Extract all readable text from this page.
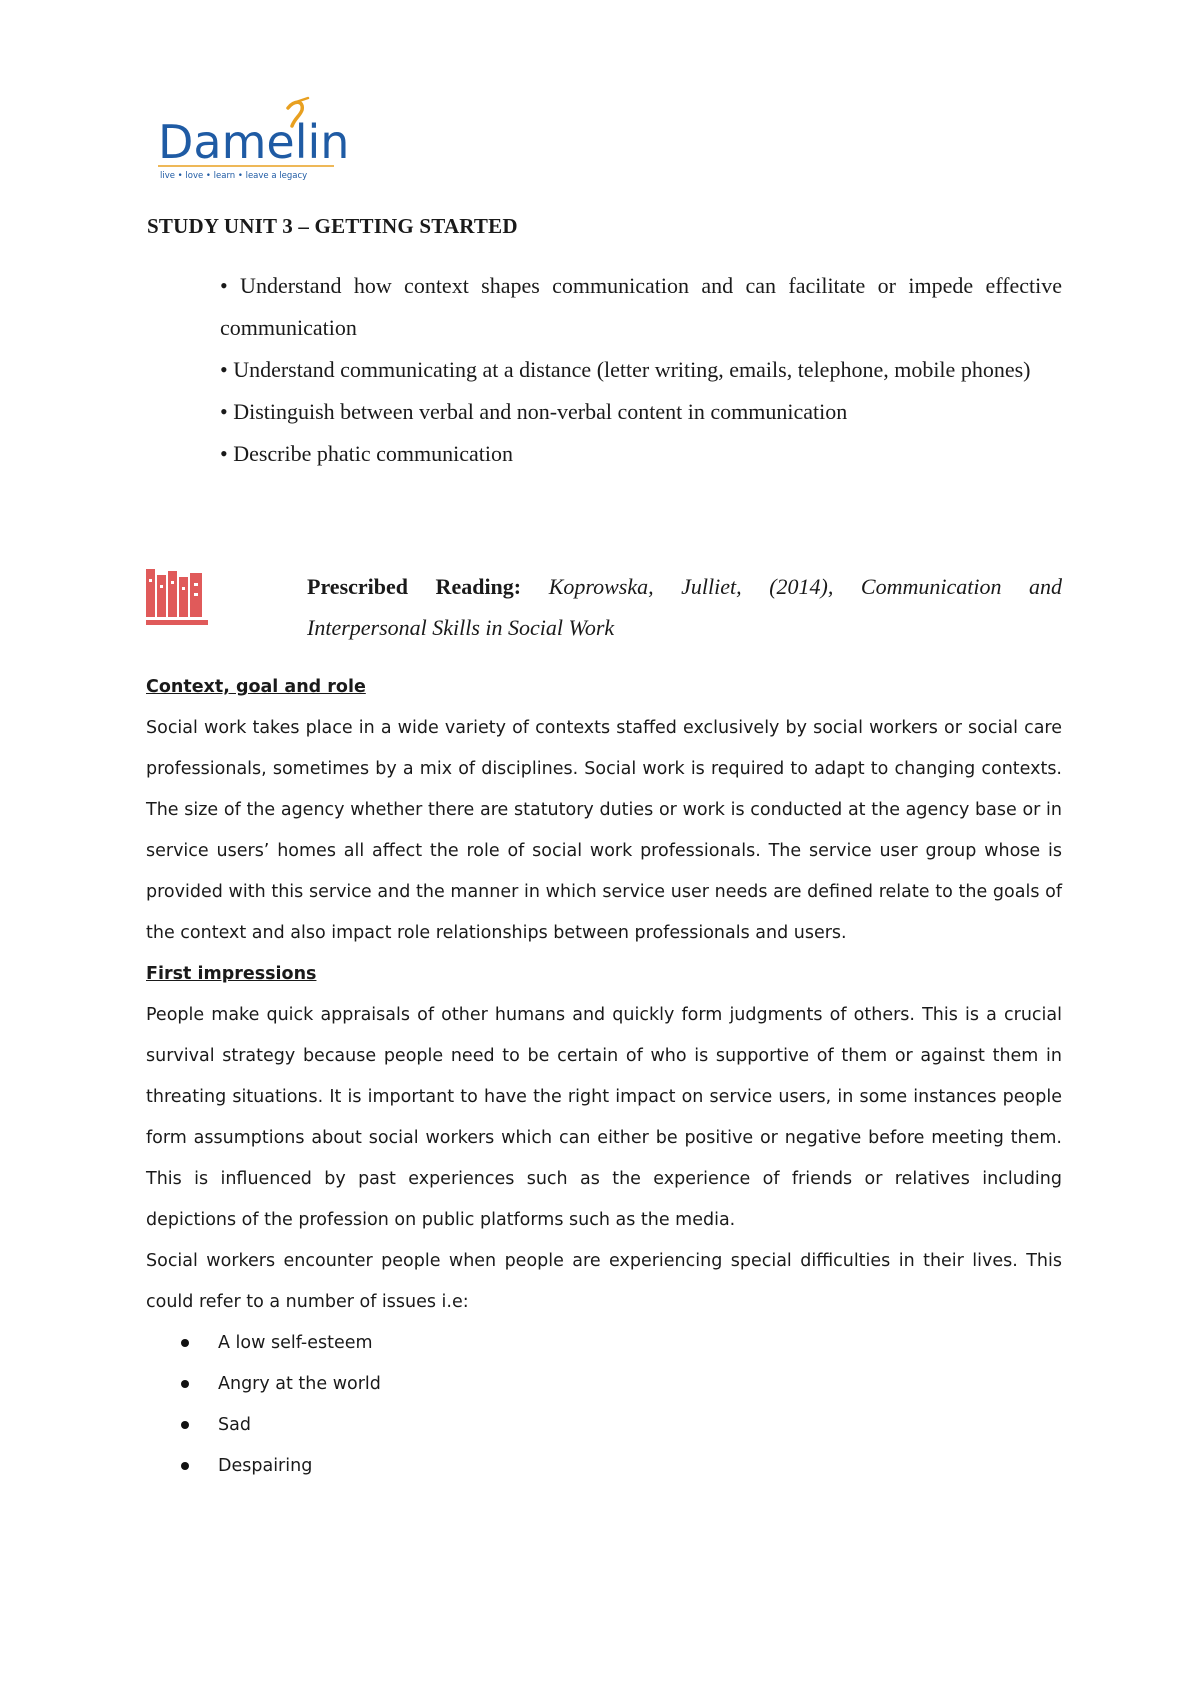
Damelin
live • love • learn • leave a legacy
STUDY UNIT 3 – GETTING STARTED
• Understand how context shapes communication and can facilitate or impede effective communication
• Understand communicating at a distance (letter writing, emails, telephone, mobile phones)
• Distinguish between verbal and non-verbal content in communication
• Describe phatic communication

Prescribed Reading: Koprowska, Julliet, (2014), Communication and
Interpersonal Skills in Social Work

Context, goal and role

Social work takes place in a wide variety of contexts staffed exclusively by social workers or social care professionals, sometimes by a mix of disciplines. Social work is required to adapt to changing contexts. The size of the agency whether there are statutory duties or work is conducted at the agency base or in service users’ homes all affect the role of social work professionals. The service user group whose is provided with this service and the manner in which service user needs are defined relate to the goals of the context and also impact role relationships between professionals and users.

First impressions

People make quick appraisals of other humans and quickly form judgments of others. This is a crucial survival strategy because people need to be certain of who is supportive of them or against them in threating situations. It is important to have the right impact on service users, in some instances people form assumptions about social workers which can either be positive or negative before meeting them. This is influenced by past experiences such as the experience of friends or relatives including depictions of the profession on public platforms such as the media.

Social workers encounter people when people are experiencing special difficulties in their lives. This could refer to a number of issues i.e:

A low self-esteem
Angry at the world
Sad
Despairing
